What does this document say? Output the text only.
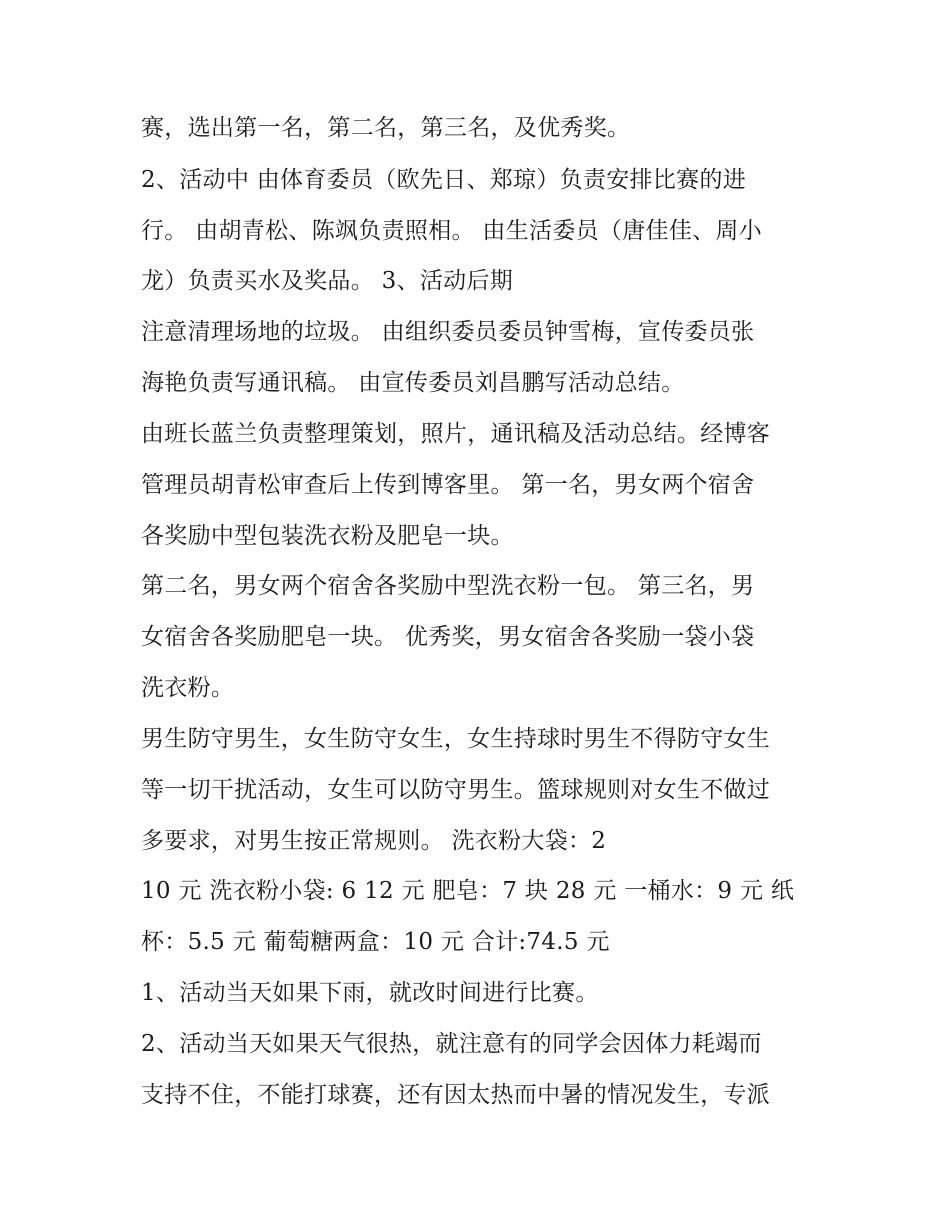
赛，选出第一名，第二名，第三名，及优秀奖。
2、活动中 由体育委员（欧先日、郑琼）负责安排比赛的进
行。 由胡青松、陈飒负责照相。 由生活委员（唐佳佳、周小
龙）负责买水及奖品。 3、活动后期
注意清理场地的垃圾。 由组织委员委员钟雪梅，宣传委员张
海艳负责写通讯稿。 由宣传委员刘昌鹏写活动总结。
由班长蓝兰负责整理策划，照片，通讯稿及活动总结。经博客
管理员胡青松审查后上传到博客里。 第一名，男女两个宿舍
各奖励中型包装洗衣粉及肥皂一块。
第二名，男女两个宿舍各奖励中型洗衣粉一包。 第三名，男
女宿舍各奖励肥皂一块。 优秀奖，男女宿舍各奖励一袋小袋
洗衣粉。
男生防守男生，女生防守女生，女生持球时男生不得防守女生
等一切干扰活动，女生可以防守男生。篮球规则对女生不做过
多要求，对男生按正常规则。 洗衣粉大袋：2
10 元 洗衣粉小袋: 6 12 元 肥皂：7 块 28 元 一桶水：9 元 纸
杯：5.5 元 葡萄糖两盒：10 元 合计:74.5 元
1、活动当天如果下雨，就改时间进行比赛。
2、活动当天如果天气很热，就注意有的同学会因体力耗竭而
支持不住，不能打球赛，还有因太热而中暑的情况发生，专派
